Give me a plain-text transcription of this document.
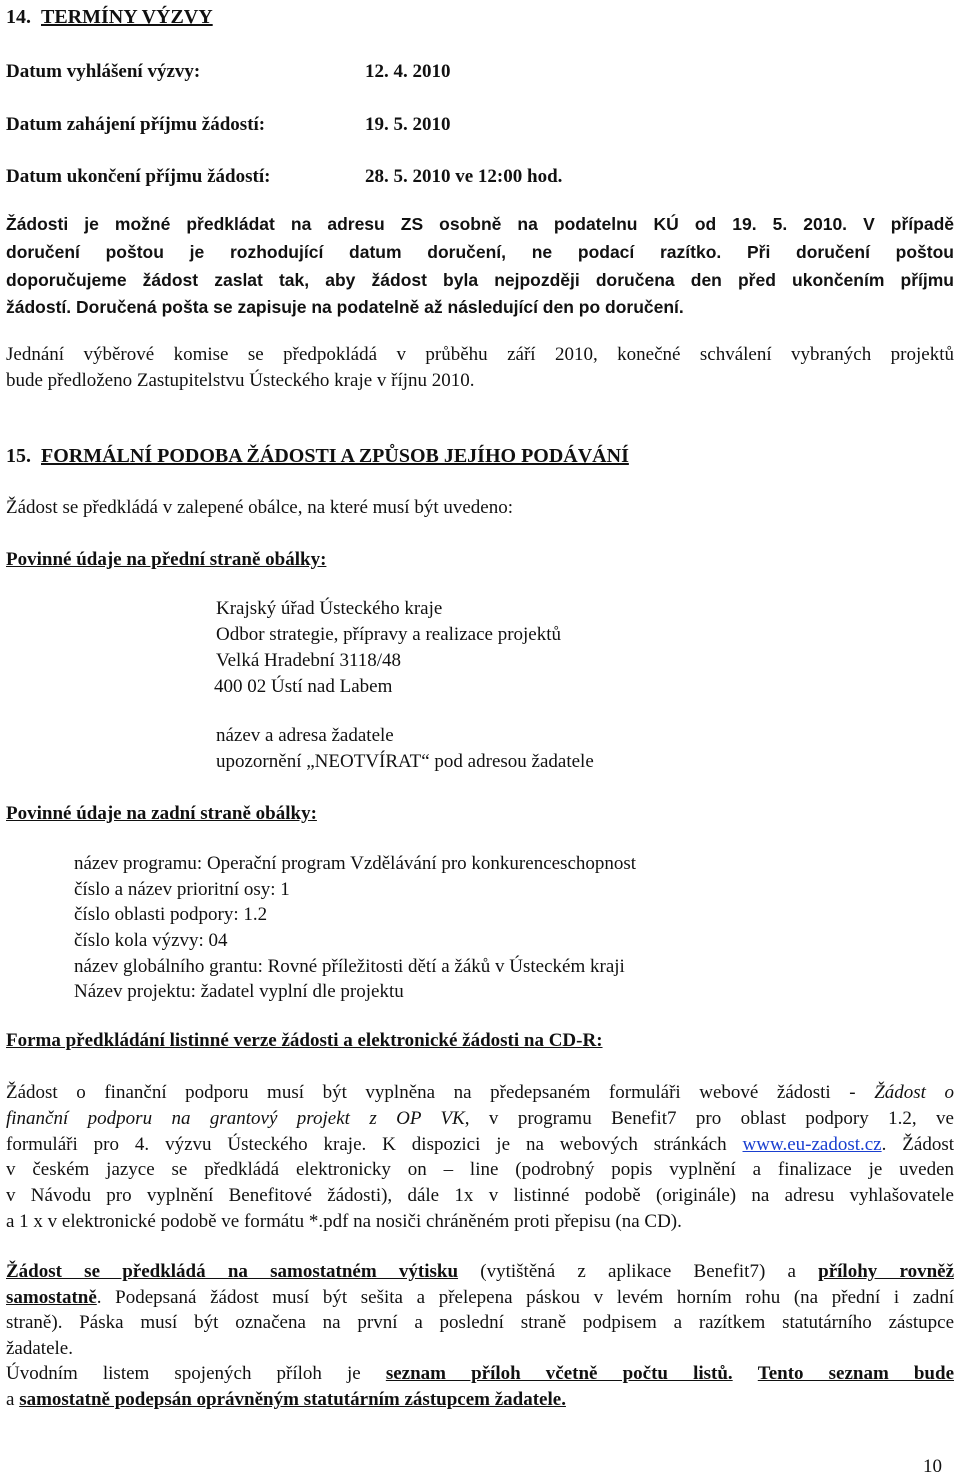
14. TERMÍNY VÝZVY
Datum vyhlášení výzvy:	12. 4. 2010
Datum zahájení příjmu žádostí:	19. 5. 2010
Datum ukončení příjmu žádostí:	28. 5. 2010 ve 12:00 hod.
Žádosti je možné předkládat na adresu ZS osobně na podatelnu KÚ od 19. 5. 2010. V případě
doručení poštou je rozhodující datum doručení, ne podací razítko. Při doručení poštou
doporučujeme žádost zaslat tak, aby žádost byla nejpozději doručena den před ukončením příjmu
žádostí. Doručená pošta se zapisuje na podatelně až následující den po doručení.
Jednání výběrové komise se předpokládá v průběhu září 2010, konečné schválení vybraných projektů
bude předloženo Zastupitelstvu Ústeckého kraje v říjnu 2010.
15. FORMÁLNÍ PODOBA ŽÁDOSTI A ZPŮSOB JEJÍHO PODÁVÁNÍ
Žádost se předkládá v zalepené obálce, na které musí být uvedeno:
Povinné údaje na přední straně obálky:
Krajský úřad Ústeckého kraje
Odbor strategie, přípravy a realizace projektů
Velká Hradební 3118/48
400 02 Ústí nad Labem
název a adresa žadatele
upozornění „NEOTVÍRAT“ pod adresou žadatele
Povinné údaje na zadní straně obálky:
název programu: Operační program Vzdělávání pro konkurenceschopnost
číslo a název prioritní osy: 1
číslo oblasti podpory: 1.2
číslo kola výzvy: 04
název globálního grantu: Rovné příležitosti dětí a žáků v Ústeckém kraji
Název projektu: žadatel vyplní dle projektu
Forma předkládání listinné verze žádosti a elektronické žádosti na CD-R:
Žádost o finanční podporu musí být vyplněna na předepsaném formuláři webové žádosti - Žádost o
finanční podporu na grantový projekt z OP VK, v programu Benefit7 pro oblast podpory 1.2, ve
formuláři pro 4. výzvu Ústeckého kraje. K dispozici je na webových stránkách www.eu-zadost.cz. Žádost
v českém jazyce se předkládá elektronicky on – line (podrobný popis vyplnění a finalizace je uveden
v Návodu pro vyplnění Benefitové žádosti), dále 1x v listinné podobě (originále) na adresu vyhlašovatele
a 1 x v elektronické podobě ve formátu *.pdf na nosiči chráněném proti přepisu (na CD).
Žádost se předkládá na samostatném výtisku (vytištěná z aplikace Benefit7) a přílohy rovněž
samostatně. Podepsaná žádost musí být sešita a přelepena páskou v levém horním rohu (na přední i zadní
straně). Páska musí být označena na první a poslední straně podpisem a razítkem statutárního zástupce
žadatele.
Úvodním listem spojených příloh je seznam příloh včetně počtu listů. Tento seznam bude
a samostatně podepsán oprávněným statutárním zástupcem žadatele.
10
